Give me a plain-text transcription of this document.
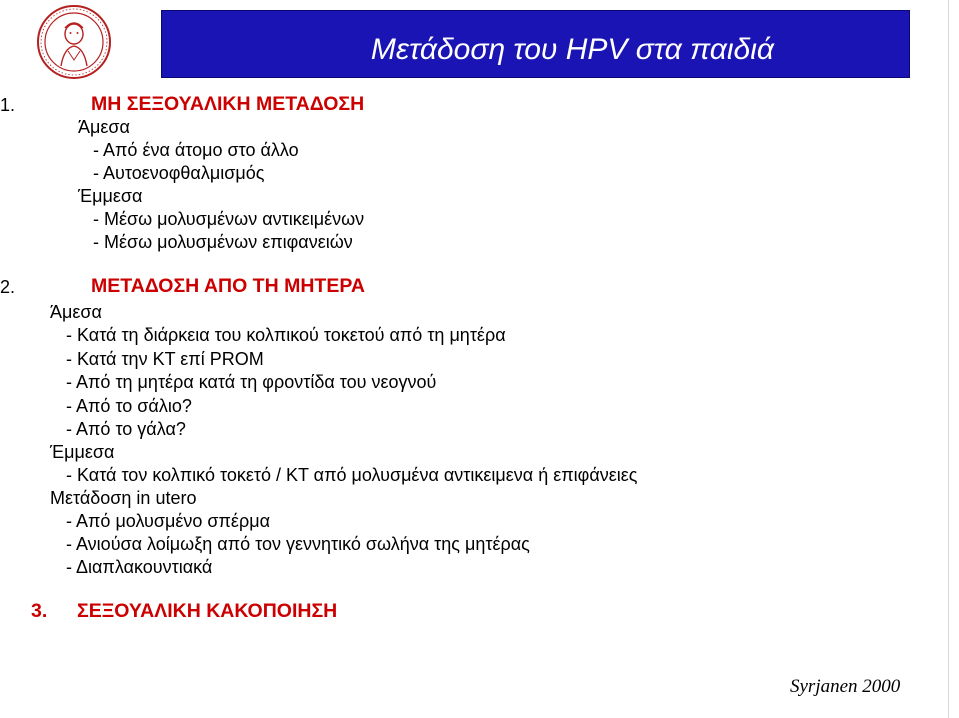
Μετάδοση του HPV στα παιδιά
1.	ΜΗ ΣΕΞΟΥΑΛΙΚΗ ΜΕΤΑΔΟΣΗ
Άμεσα
- Από ένα άτομο στο άλλο
- Αυτοενοφθαλμισμός
Έμμεσα
- Μέσω μολυσμένων αντικειμένων
- Μέσω μολυσμένων επιφανειών
2.	ΜΕΤΑΔΟΣΗ ΑΠΟ ΤΗ ΜΗΤΕΡΑ
Άμεσα
- Κατά τη διάρκεια του κολπικού τοκετού από τη μητέρα
- Κατά την ΚΤ επί PROM
- Από τη μητέρα κατά τη φροντίδα του νεογνού
- Από το σάλιο?
- Από το γάλα?
Έμμεσα
- Κατά τον κολπικό τοκετό / ΚΤ από μολυσμένα αντικειμενα ή επιφάνειες
Μετάδοση in utero
- Από μολυσμένο σπέρμα
- Ανιούσα λοίμωξη από τον γεννητικό σωλήνα της μητέρας
- Διαπλακουντιακά
3. ΣΕΞΟΥΑΛΙΚΗ ΚΑΚΟΠΟΙΗΣΗ
Syrjanen 2000
